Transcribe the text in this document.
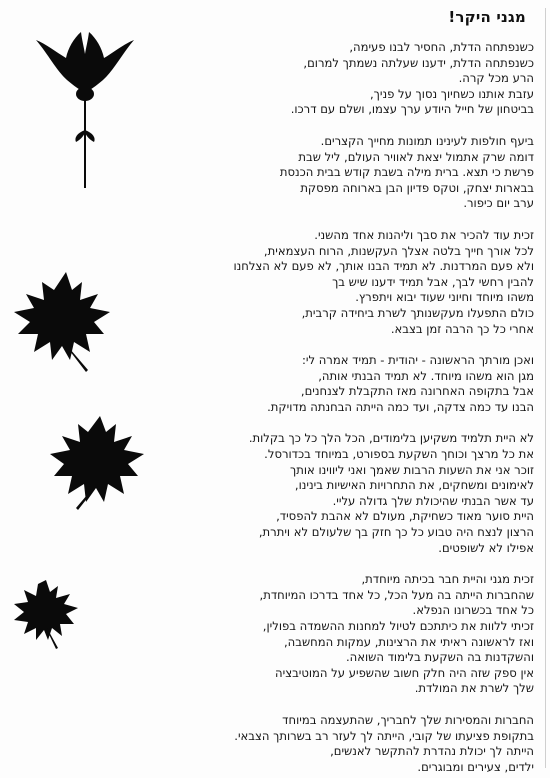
מגני היקר!
כשנפתחה הדלת, החסיר לבנו פעימה,
כשנפתחה הדלת, ידענו שעלתה נשמתך למרום,
הרע מכל קרה.
עזבת אותנו כשחיוך נסוך על פניך,
בביטחון של חייל היודע ערך עצמו, ושלם עם דרכו.
ביעף חולפות לעינינו תמונות מחייך הקצרים.
דומה שרק אתמול יצאת לאוויר העולם, ליל שבת
פרשת כי תצא. ברית מילה בשבת קודש בבית הכנסת
בבארות יצחק, וטקס פדיון הבן בארוחה מפסקת
ערב יום כיפור.
זכית עוד להכיר את סבך וליהנות אחד מהשני.
לכל אורך חייך בלטה אצלך העקשנות, הרוח העצמאית,
ולא פעם המרדנות. לא תמיד הבנו אותך, לא פעם לא הצלחנו
להבין רחשי לבך, אבל תמיד ידענו שיש בך
משהו מיוחד וחיוני שעוד יבוא ויתפרץ.
כולם התפעלו מעקשנותך לשרת ביחידה קרבית,
אחרי כל כך הרבה זמן בצבא.
ואכן מורתך הראשונה - יהודית - תמיד אמרה לי:
מגן הוא משהו מיוחד. לא תמיד הבנתי אותה,
אבל בתקופה האחרונה מאז התקבלת לצנחנים,
הבנו עד כמה צדקה, ועד כמה הייתה הבחנתה מדויקת.
לא היית תלמיד משקיען בלימודים, הכל הלך כל כך בקלות.
את כל מרצך וכוחך השקעת בספורט, במיוחד בכדורסל.
זוכר אני את השעות הרבות שאמך ואני ליווינו אותך
לאימונים ומשחקים, את התחרויות האישיות בינינו,
עד אשר הבנתי שהיכולת שלך גדולה עליי.
היית סוער מאוד כשחיקת, מעולם לא אהבת להפסיד,
הרצון לנצח היה טבוע כל כך חזק בך שלעולם לא ויתרת,
אפילו לא לשופטים.
זכית מגני והיית חבר בכיתה מיוחדת,
שהחברות הייתה בה מעל הכל, כל אחד בדרכו המיוחדת,
כל אחד בכשרונו הנפלא.
זכיתי ללוות את כיתתכם לטיול למחנות ההשמדה בפולין,
ואז לראשונה ראיתי את הרצינות, עמקות המחשבה,
והשקדנות בה השקעת בלימוד השואה.
אין ספק שזה היה חלק חשוב שהשפיע על המוטיבציה
שלך לשרת את המולדת.
החברות והמסירות שלך לחבריך, שהתעצמה במיוחד
בתקופת פציעתו של קובי, הייתה לך לעזר רב בשרותך הצבאי.
הייתה לך יכולת נהדרת להתקשר לאנשים,
ילדים, צעירים ומבוגרים.
